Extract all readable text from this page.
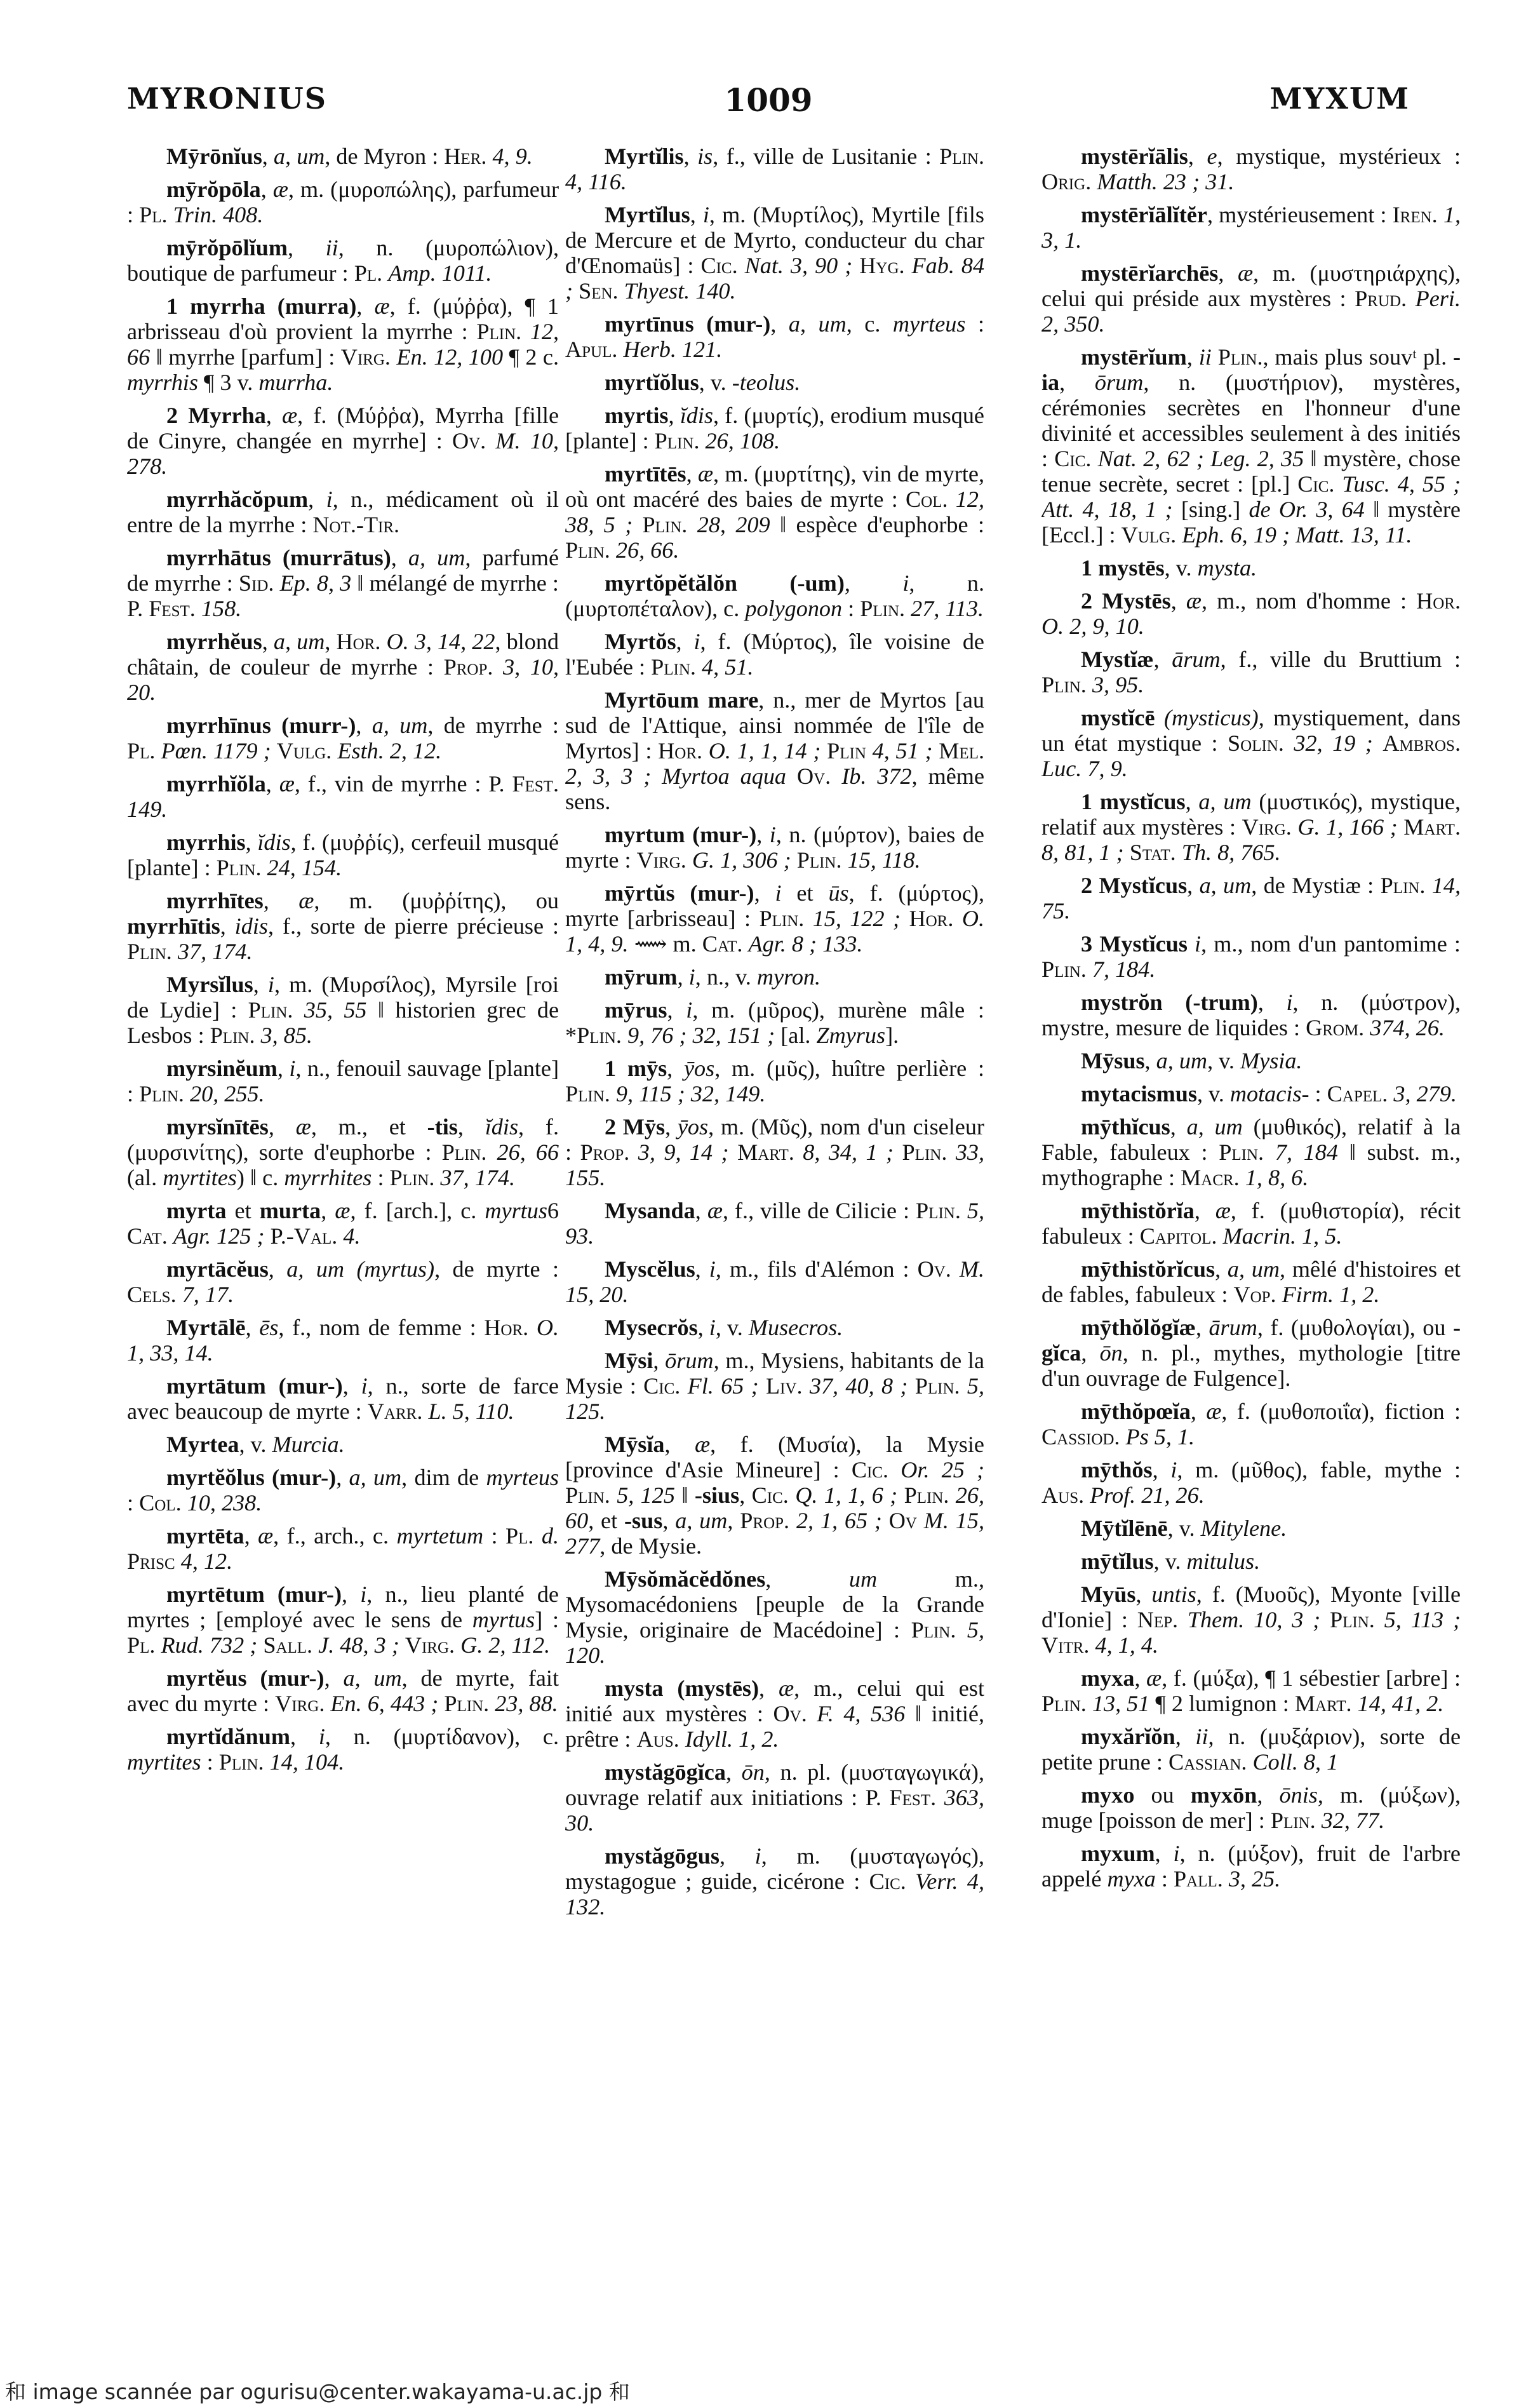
MYRONIUS	1009	MYXUM

Mȳrōnĭus, a, um, de Myron : Her. 4, 9.

mȳrŏpōla, æ, m. (μυροπώλης), parfumeur : Pl. Trin. 408.

mȳrŏpōlĭum, ii, n. (μυροπώλιον), boutique de parfumeur : Pl. Amp. 1011.

1 myrrha (murra), æ, f. (μύῤῥα), ¶ 1 arbrisseau d'où provient la myrrhe : Plin. 12, 66 ‖ myrrhe [parfum] : Virg. En. 12, 100 ¶ 2 c. myrrhis ¶ 3 v. murrha.

2 Myrrha, æ, f. (Μύῤῥα), Myrrha [fille de Cinyre, changée en myrrhe] : Ov. M. 10, 278.

myrrhăcŏpum, i, n., médicament où il entre de la myrrhe : Not.-Tir.

myrrhātus (murrātus), a, um, parfumé de myrrhe : Sid. Ep. 8, 3 ‖ mélangé de myrrhe : P. Fest. 158.

myrrhĕus, a, um, Hor. O. 3, 14, 22, blond châtain, de couleur de myrrhe : Prop. 3, 10, 20.

myrrhīnus (murr-), a, um, de myrrhe : Pl. Pœn. 1179 ; Vulg. Esth. 2, 12.

myrrhĭŏla, æ, f., vin de myrrhe : P. Fest. 149.

myrrhis, ĭdis, f. (μυῤῥίς), cerfeuil musqué [plante] : Plin. 24, 154.

myrrhītes, æ, m. (μυῤῥίτης), ou myrrhītis, idis, f., sorte de pierre précieuse : Plin. 37, 174.

Myrsĭlus, i, m. (Μυρσίλος), Myrsile [roi de Lydie] : Plin. 35, 55 ‖ historien grec de Lesbos : Plin. 3, 85.

myrsinĕum, i, n., fenouil sauvage [plante] : Plin. 20, 255.

myrsĭnītēs, æ, m., et -tis, ĭdis, f. (μυρσινίτης), sorte d'euphorbe : Plin. 26, 66 (al. myrtites) ‖ c. myrrhites : Plin. 37, 174.

myrta et murta, æ, f. [arch.], c. myrtus6 Cat. Agr. 125 ; P.-Val. 4.

myrtācĕus, a, um (myrtus), de myrte : Cels. 7, 17.

Myrtālē, ēs, f., nom de femme : Hor. O. 1, 33, 14.

myrtātum (mur-), i, n., sorte de farce avec beaucoup de myrte : Varr. L. 5, 110.

Myrtea, v. Murcia.

myrtĕŏlus (mur-), a, um, dim de myrteus : Col. 10, 238.

myrtēta, æ, f., arch., c. myrtetum : Pl. d. Prisc 4, 12.

myrtētum (mur-), i, n., lieu planté de myrtes ; [employé avec le sens de myrtus] : Pl. Rud. 732 ; Sall. J. 48, 3 ; Virg. G. 2, 112.

myrtĕus (mur-), a, um, de myrte, fait avec du myrte : Virg. En. 6, 443 ; Plin. 23, 88.

myrtĭdănum, i, n. (μυρτίδανον), c. myrtites : Plin. 14, 104.

Myrtĭlis, is, f., ville de Lusitanie : Plin. 4, 116.

Myrtĭlus, i, m. (Μυρτίλος), Myrtile [fils de Mercure et de Myrto, conducteur du char d'Œnomaüs] : Cic. Nat. 3, 90 ; Hyg. Fab. 84 ; Sen. Thyest. 140.

myrtīnus (mur-), a, um, c. myrteus : Apul. Herb. 121.

myrtĭŏlus, v. -teolus.

myrtis, ĭdis, f. (μυρτίς), erodium musqué [plante] : Plin. 26, 108.

myrtītēs, æ, m. (μυρτίτης), vin de myrte, où ont macéré des baies de myrte : Col. 12, 38, 5 ; Plin. 28, 209 ‖ espèce d'euphorbe : Plin. 26, 66.

myrtŏpĕtălŏn (-um), i, n. (μυρτοπέταλον), c. polygonon : Plin. 27, 113.

Myrtŏs, i, f. (Μύρτος), île voisine de l'Eubée : Plin. 4, 51.

Myrtōum mare, n., mer de Myrtos [au sud de l'Attique, ainsi nommée de l'île de Myrtos] : Hor. O. 1, 1, 14 ; Plin 4, 51 ; Mel. 2, 3, 3 ; Myrtoa aqua Ov. Ib. 372, même sens.

myrtum (mur-), i, n. (μύρτον), baies de myrte : Virg. G. 1, 306 ; Plin. 15, 118.

mȳrtŭs (mur-), i et ūs, f. (μύρτος), myrte [arbrisseau] : Plin. 15, 122 ; Hor. O. 1, 4, 9. ⟿ m. Cat. Agr. 8 ; 133.

mȳrum, i, n., v. myron.

mȳrus, i, m. (μῦρος), murène mâle : *Plin. 9, 76 ; 32, 151 ; [al. Zmyrus].

1 mȳs, ȳos, m. (μῦς), huître perlière : Plin. 9, 115 ; 32, 149.

2 Mȳs, ȳos, m. (Μῦς), nom d'un ciseleur : Prop. 3, 9, 14 ; Mart. 8, 34, 1 ; Plin. 33, 155.

Mysanda, æ, f., ville de Cilicie : Plin. 5, 93.

Myscĕlus, i, m., fils d'Alémon : Ov. M. 15, 20.

Mysecrŏs, i, v. Musecros.

Mȳsi, ōrum, m., Mysiens, habitants de la Mysie : Cic. Fl. 65 ; Liv. 37, 40, 8 ; Plin. 5, 125.

Mȳsĭa, æ, f. (Μυσία), la Mysie [province d'Asie Mineure] : Cic. Or. 25 ; Plin. 5, 125 ‖ -sius, Cic. Q. 1, 1, 6 ; Plin. 26, 60, et -sus, a, um, Prop. 2, 1, 65 ; Ov M. 15, 277, de Mysie.

Mȳsŏmăcĕdŏnes, um m., Mysomacédoniens [peuple de la Grande Mysie, originaire de Macédoine] : Plin. 5, 120.

mysta (mystēs), æ, m., celui qui est initié aux mystères : Ov. F. 4, 536 ‖ initié, prêtre : Aus. Idyll. 1, 2.

mystăgōgĭca, ōn, n. pl. (μυσταγωγικά), ouvrage relatif aux initiations : P. Fest. 363, 30.

mystăgōgus, i, m. (μυσταγωγός), mystagogue ; guide, cicérone : Cic. Verr. 4, 132.

mystērĭālis, e, mystique, mystérieux : Orig. Matth. 23 ; 31.

mystērĭālĭtĕr, mystérieusement : Iren. 1, 3, 1.

mystērĭarchēs, æ, m. (μυστηριάρχης), celui qui préside aux mystères : Prud. Peri. 2, 350.

mystērĭum, ii Plin., mais plus souvᵗ pl. -ia, ōrum, n. (μυστήριον), mystères, cérémonies secrètes en l'honneur d'une divinité et accessibles seulement à des initiés : Cic. Nat. 2, 62 ; Leg. 2, 35 ‖ mystère, chose tenue secrète, secret : [pl.] Cic. Tusc. 4, 55 ; Att. 4, 18, 1 ; [sing.] de Or. 3, 64 ‖ mystère [Eccl.] : Vulg. Eph. 6, 19 ; Matt. 13, 11.

1 mystēs, v. mysta.

2 Mystēs, æ, m., nom d'homme : Hor. O. 2, 9, 10.

Mystĭæ, ārum, f., ville du Bruttium : Plin. 3, 95.

mystĭcē (mysticus), mystiquement, dans un état mystique : Solin. 32, 19 ; Ambros. Luc. 7, 9.

1 mystĭcus, a, um (μυστικός), mystique, relatif aux mystères : Virg. G. 1, 166 ; Mart. 8, 81, 1 ; Stat. Th. 8, 765.

2 Mystĭcus, a, um, de Mystiæ : Plin. 14, 75.

3 Mystĭcus i, m., nom d'un pantomime : Plin. 7, 184.

mystrŏn (-trum), i, n. (μύστρον), mystre, mesure de liquides : Grom. 374, 26.

Mȳsus, a, um, v. Mysia.

mytacismus, v. motacis- : Capel. 3, 279.

mȳthĭcus, a, um (μυθικός), relatif à la Fable, fabuleux : Plin. 7, 184 ‖ subst. m., mythographe : Macr. 1, 8, 6.

mȳthistŏrĭa, æ, f. (μυθιστορία), récit fabuleux : Capitol. Macrin. 1, 5.

mȳthistŏrĭcus, a, um, mêlé d'histoires et de fables, fabuleux : Vop. Firm. 1, 2.

mȳthŏlŏgĭæ, ārum, f. (μυθολογίαι), ou -gĭca, ōn, n. pl., mythes, mythologie [titre d'un ouvrage de Fulgence].

mȳthŏpœĭa, æ, f. (μυθοποιΐα), fiction : Cassiod. Ps 5, 1.

mȳthŏs, i, m. (μῦθος), fable, mythe : Aus. Prof. 21, 26.

Mȳtĭlēnē, v. Mitylene.

mȳtĭlus, v. mitulus.

Myūs, untis, f. (Μυοῦς), Myonte [ville d'Ionie] : Nep. Them. 10, 3 ; Plin. 5, 113 ; Vitr. 4, 1, 4.

myxa, æ, f. (μύξα), ¶ 1 sébestier [arbre] : Plin. 13, 51 ¶ 2 lumignon : Mart. 14, 41, 2.

myxărĭŏn, ii, n. (μυξάριον), sorte de petite prune : Cassian. Coll. 8, 1

myxo ou myxōn, ōnis, m. (μύξων), muge [poisson de mer] : Plin. 32, 77.

myxum, i, n. (μύξον), fruit de l'arbre appelé myxa : Pall. 3, 25.

和 image scannée par ogurisu@center.wakayama-u.ac.jp 和
